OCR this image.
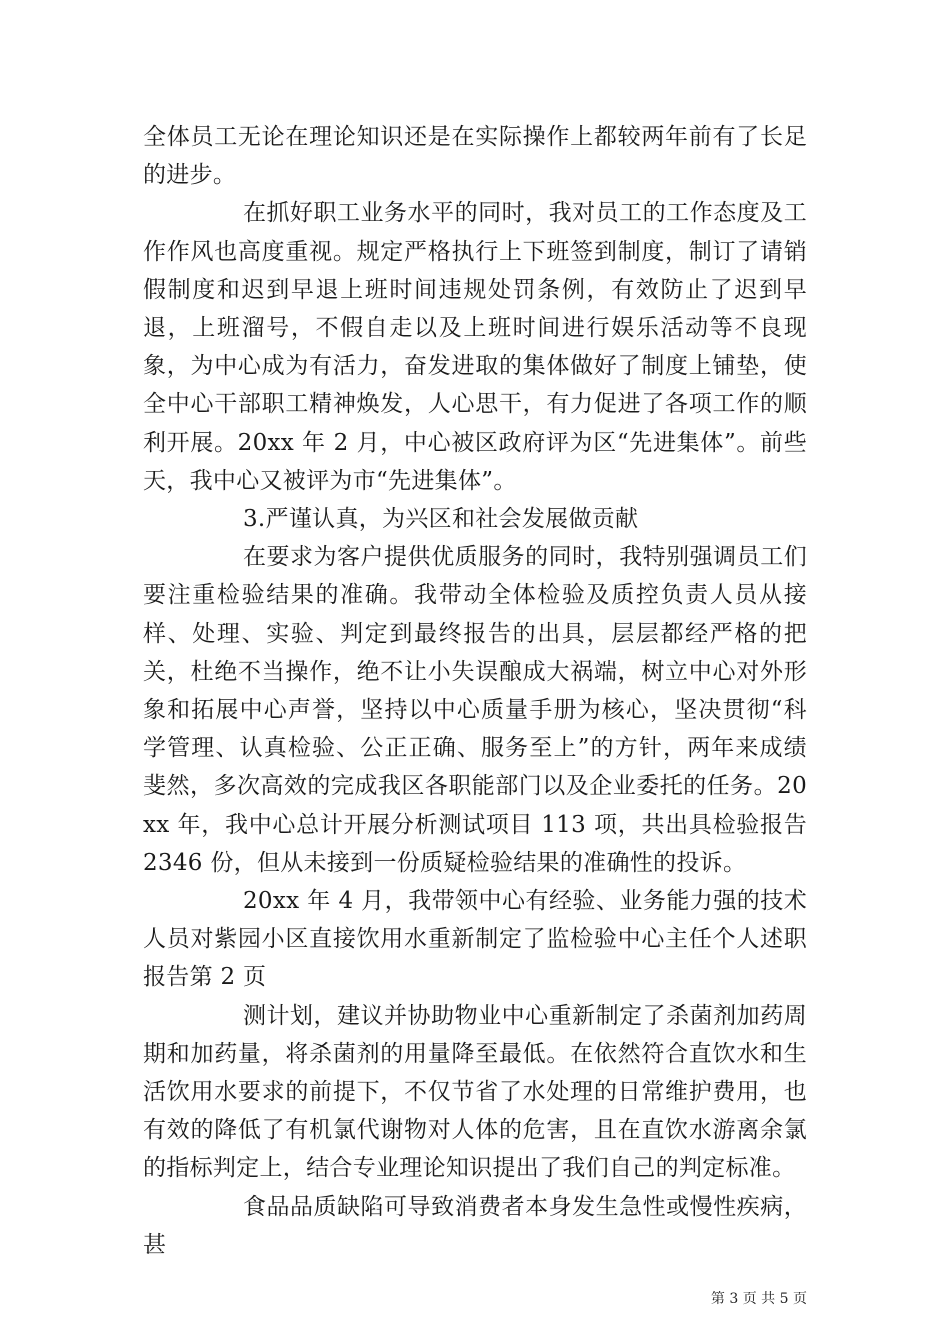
全体员工无论在理论知识还是在实际操作上都较两年前有了长足的进步。

在抓好职工业务水平的同时，我对员工的工作态度及工作作风也高度重视。规定严格执行上下班签到制度，制订了请销假制度和迟到早退上班时间违规处罚条例，有效防止了迟到早退，上班溜号，不假自走以及上班时间进行娱乐活动等不良现象，为中心成为有活力，奋发进取的集体做好了制度上铺垫，使全中心干部职工精神焕发，人心思干，有力促进了各项工作的顺利开展。20xx 年 2 月，中心被区政府评为区“先进集体”。前些天，我中心又被评为市“先进集体”。

3.严谨认真，为兴区和社会发展做贡献

在要求为客户提供优质服务的同时，我特别强调员工们要注重检验结果的准确。我带动全体检验及质控负责人员从接样、处理、实验、判定到最终报告的出具，层层都经严格的把关，杜绝不当操作，绝不让小失误酿成大祸端，树立中心对外形象和拓展中心声誉，坚持以中心质量手册为核心，坚决贯彻“科学管理、认真检验、公正正确、服务至上”的方针，两年来成绩斐然，多次高效的完成我区各职能部门以及企业委托的任务。20xx 年，我中心总计开展分析测试项目 113 项，共出具检验报告 2346 份，但从未接到一份质疑检验结果的准确性的投诉。

20xx 年 4 月，我带领中心有经验、业务能力强的技术人员对紫园小区直接饮用水重新制定了监检验中心主任个人述职报告第 2 页

测计划，建议并协助物业中心重新制定了杀菌剂加药周期和加药量，将杀菌剂的用量降至最低。在依然符合直饮水和生活饮用水要求的前提下，不仅节省了水处理的日常维护费用，也有效的降低了有机氯代谢物对人体的危害，且在直饮水游离余氯的指标判定上，结合专业理论知识提出了我们自己的判定标准。

食品品质缺陷可导致消费者本身发生急性或慢性疾病，甚

第 3 页 共 5 页
